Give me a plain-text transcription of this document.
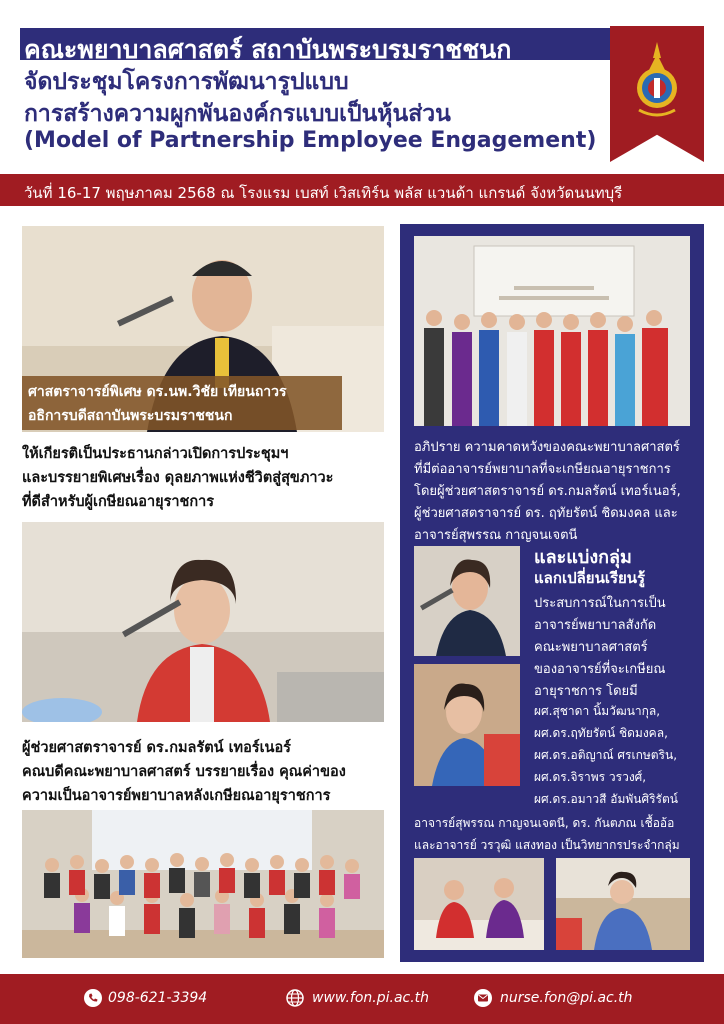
คณะพยาบาลศาสตร์ สถาบันพระบรมราชชนก
จัดประชุมโครงการพัฒนารูปแบบ
การสร้างความผูกพันองค์กรแบบเป็นหุ้นส่วน
(Model of Partnership Employee Engagement)
วันที่ 16-17 พฤษภาคม 2568 ณ โรงแรม เบสท์ เวิสเทิร์น พลัส แวนด้า แกรนด์ จังหวัดนนทบุรี
ศาสตราจารย์พิเศษ ดร.นพ.วิชัย เทียนถาวร
อธิการบดีสถาบันพระบรมราชชนก
ให้เกียรติเป็นประธานกล่าวเปิดการประชุมฯ
และบรรยายพิเศษเรื่อง ดุลยภาพแห่งชีวิตสู่สุขภาวะ
ที่ดีสำหรับผู้เกษียณอายุราชการ
ผู้ช่วยศาสตราจารย์ ดร.กมลรัตน์ เทอร์เนอร์
คณบดีคณะพยาบาลศาสตร์ บรรยายเรื่อง คุณค่าของ
ความเป็นอาจารย์พยาบาลหลังเกษียณอายุราชการ
อภิปราย ความคาดหวังของคณะพยาบาลศาสตร์
ที่มีต่ออาจารย์พยาบาลที่จะเกษียณอายุราชการ
โดยผู้ช่วยศาสตราจารย์ ดร.กมลรัตน์ เทอร์เนอร์,
ผู้ช่วยศาสตราจารย์ ดร. ฤทัยรัตน์ ชิดมงคล และ
อาจารย์สุพรรณ กาญจนเจตนี
และแบ่งกลุ่ม
แลกเปลี่ยนเรียนรู้
ประสบการณ์ในการเป็น
อาจารย์พยาบาลสังกัด
คณะพยาบาลศาสตร์
ของอาจารย์ที่จะเกษียณ
อายุราชการ โดยมี
ผศ.สุชาดา นิ้มวัฒนากุล,
ผศ.ดร.ฤทัยรัตน์ ชิดมงคล,
ผศ.ดร.อติญาณ์ ศรเกษตริน,
ผศ.ดร.จิราพร วรวงศ์,
ผศ.ดร.อมาวสี อัมพันศิริรัตน์
อาจารย์สุพรรณ กาญจนเจตนี, ดร. กันตภณ เชื้ออ้อ
และอาจารย์ วรวุฒิ แสงทอง เป็นวิทยากรประจำกลุ่ม
098-621-3394	www.fon.pi.ac.th	nurse.fon@pi.ac.th
